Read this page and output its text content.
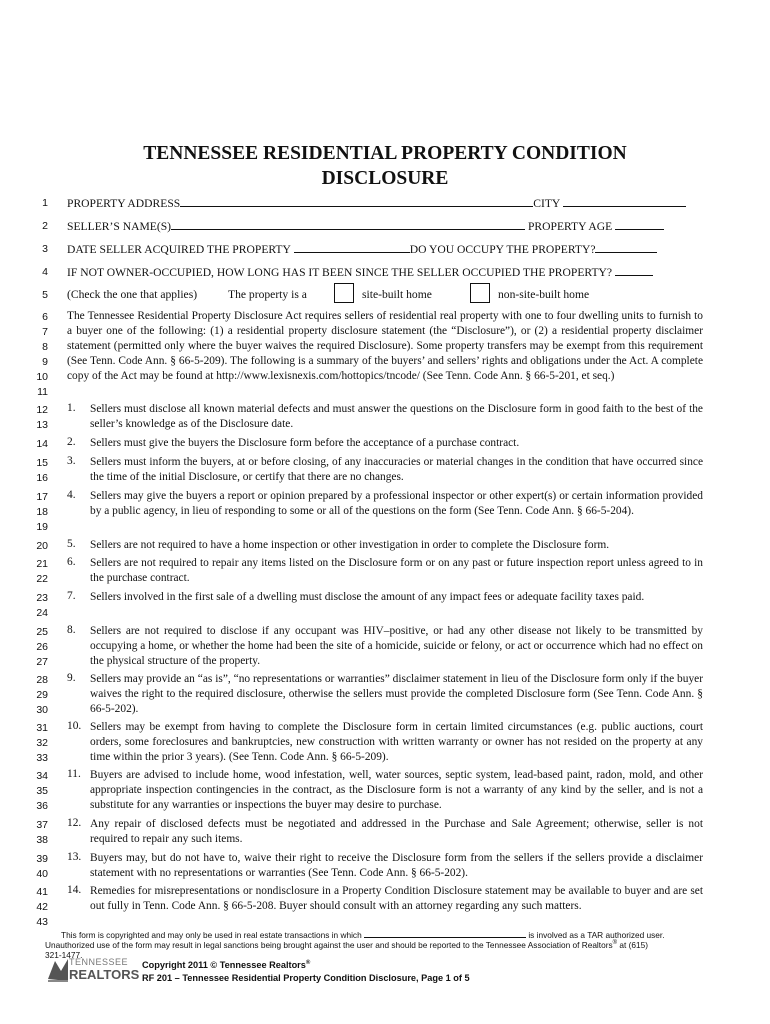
TENNESSEE RESIDENTIAL PROPERTY CONDITION
DISCLOSURE
1
2
3
4
5
6
7
8
9
10
11
12
13
14
15
16
17
18
19
20
21
22
23
24
25
26
27
28
29
30
31
32
33
34
35
36
37
38
39
40
41
42
43
PROPERTY ADDRESS	CITY
SELLER’S NAME(S)	PROPERTY AGE
DATE SELLER ACQUIRED THE PROPERTY	DO YOU OCCUPY THE PROPERTY?
IF NOT OWNER-OCCUPIED, HOW LONG HAS IT BEEN SINCE THE SELLER OCCUPIED THE PROPERTY?
(Check the one that applies)	The property is a	site-built home	non-site-built home
The Tennessee Residential Property Disclosure Act requires sellers of residential real property with one to four dwelling units to furnish to a buyer one of the following: (1) a residential property disclosure statement (the “Disclosure”), or (2) a residential property disclaimer statement (permitted only where the buyer waives the required Disclosure). Some property transfers may be exempt from this requirement (See Tenn. Code Ann. § 66-5-209). The following is a summary of the buyers’ and sellers’ rights and obligations under the Act. A complete copy of the Act may be found at http://www.lexisnexis.com/hottopics/tncode/ (See Tenn. Code Ann. § 66-5-201, et seq.)
1. Sellers must disclose all known material defects and must answer the questions on the Disclosure form in good faith to the best of the seller’s knowledge as of the Disclosure date.
2. Sellers must give the buyers the Disclosure form before the acceptance of a purchase contract.
3. Sellers must inform the buyers, at or before closing, of any inaccuracies or material changes in the condition that have occurred since the time of the initial Disclosure, or certify that there are no changes.
4. Sellers may give the buyers a report or opinion prepared by a professional inspector or other expert(s) or certain information provided by a public agency, in lieu of responding to some or all of the questions on the form (See Tenn. Code Ann. § 66-5-204).
5. Sellers are not required to have a home inspection or other investigation in order to complete the Disclosure form.
6. Sellers are not required to repair any items listed on the Disclosure form or on any past or future inspection report unless agreed to in the purchase contract.
7. Sellers involved in the first sale of a dwelling must disclose the amount of any impact fees or adequate facility taxes paid.
8. Sellers are not required to disclose if any occupant was HIV–positive, or had any other disease not likely to be transmitted by occupying a home, or whether the home had been the site of a homicide, suicide or felony, or act or occurrence which had no effect on the physical structure of the property.
9. Sellers may provide an “as is”, “no representations or warranties” disclaimer statement in lieu of the Disclosure form only if the buyer waives the right to the required disclosure, otherwise the sellers must provide the completed Disclosure form (See Tenn. Code Ann. § 66-5-202).
10. Sellers may be exempt from having to complete the Disclosure form in certain limited circumstances (e.g. public auctions, court orders, some foreclosures and bankruptcies, new construction with written warranty or owner has not resided on the property at any time within the prior 3 years). (See Tenn. Code Ann. § 66-5-209).
11. Buyers are advised to include home, wood infestation, well, water sources, septic system, lead-based paint, radon, mold, and other appropriate inspection contingencies in the contract, as the Disclosure form is not a warranty of any kind by the seller, and is not a substitute for any warranties or inspections the buyer may desire to purchase.
12. Any repair of disclosed defects must be negotiated and addressed in the Purchase and Sale Agreement; otherwise, seller is not required to repair any such items.
13. Buyers may, but do not have to, waive their right to receive the Disclosure form from the sellers if the sellers provide a disclaimer statement with no representations or warranties (See Tenn. Code Ann. § 66-5-202).
14. Remedies for misrepresentations or nondisclosure in a Property Condition Disclosure statement may be available to buyer and are set out fully in Tenn. Code Ann. § 66-5-208. Buyer should consult with an attorney regarding any such matters.
This form is copyrighted and may only be used in real estate transactions in which	is involved as a TAR authorized user.
Unauthorized use of the form may result in legal sanctions being brought against the user and should be reported to the Tennessee Association of Realtors® at (615)
321-1477.
TENNESSEE
REALTORS
Copyright 2011 © Tennessee Realtors®
RF 201 – Tennessee Residential Property Condition Disclosure, Page 1 of 5
